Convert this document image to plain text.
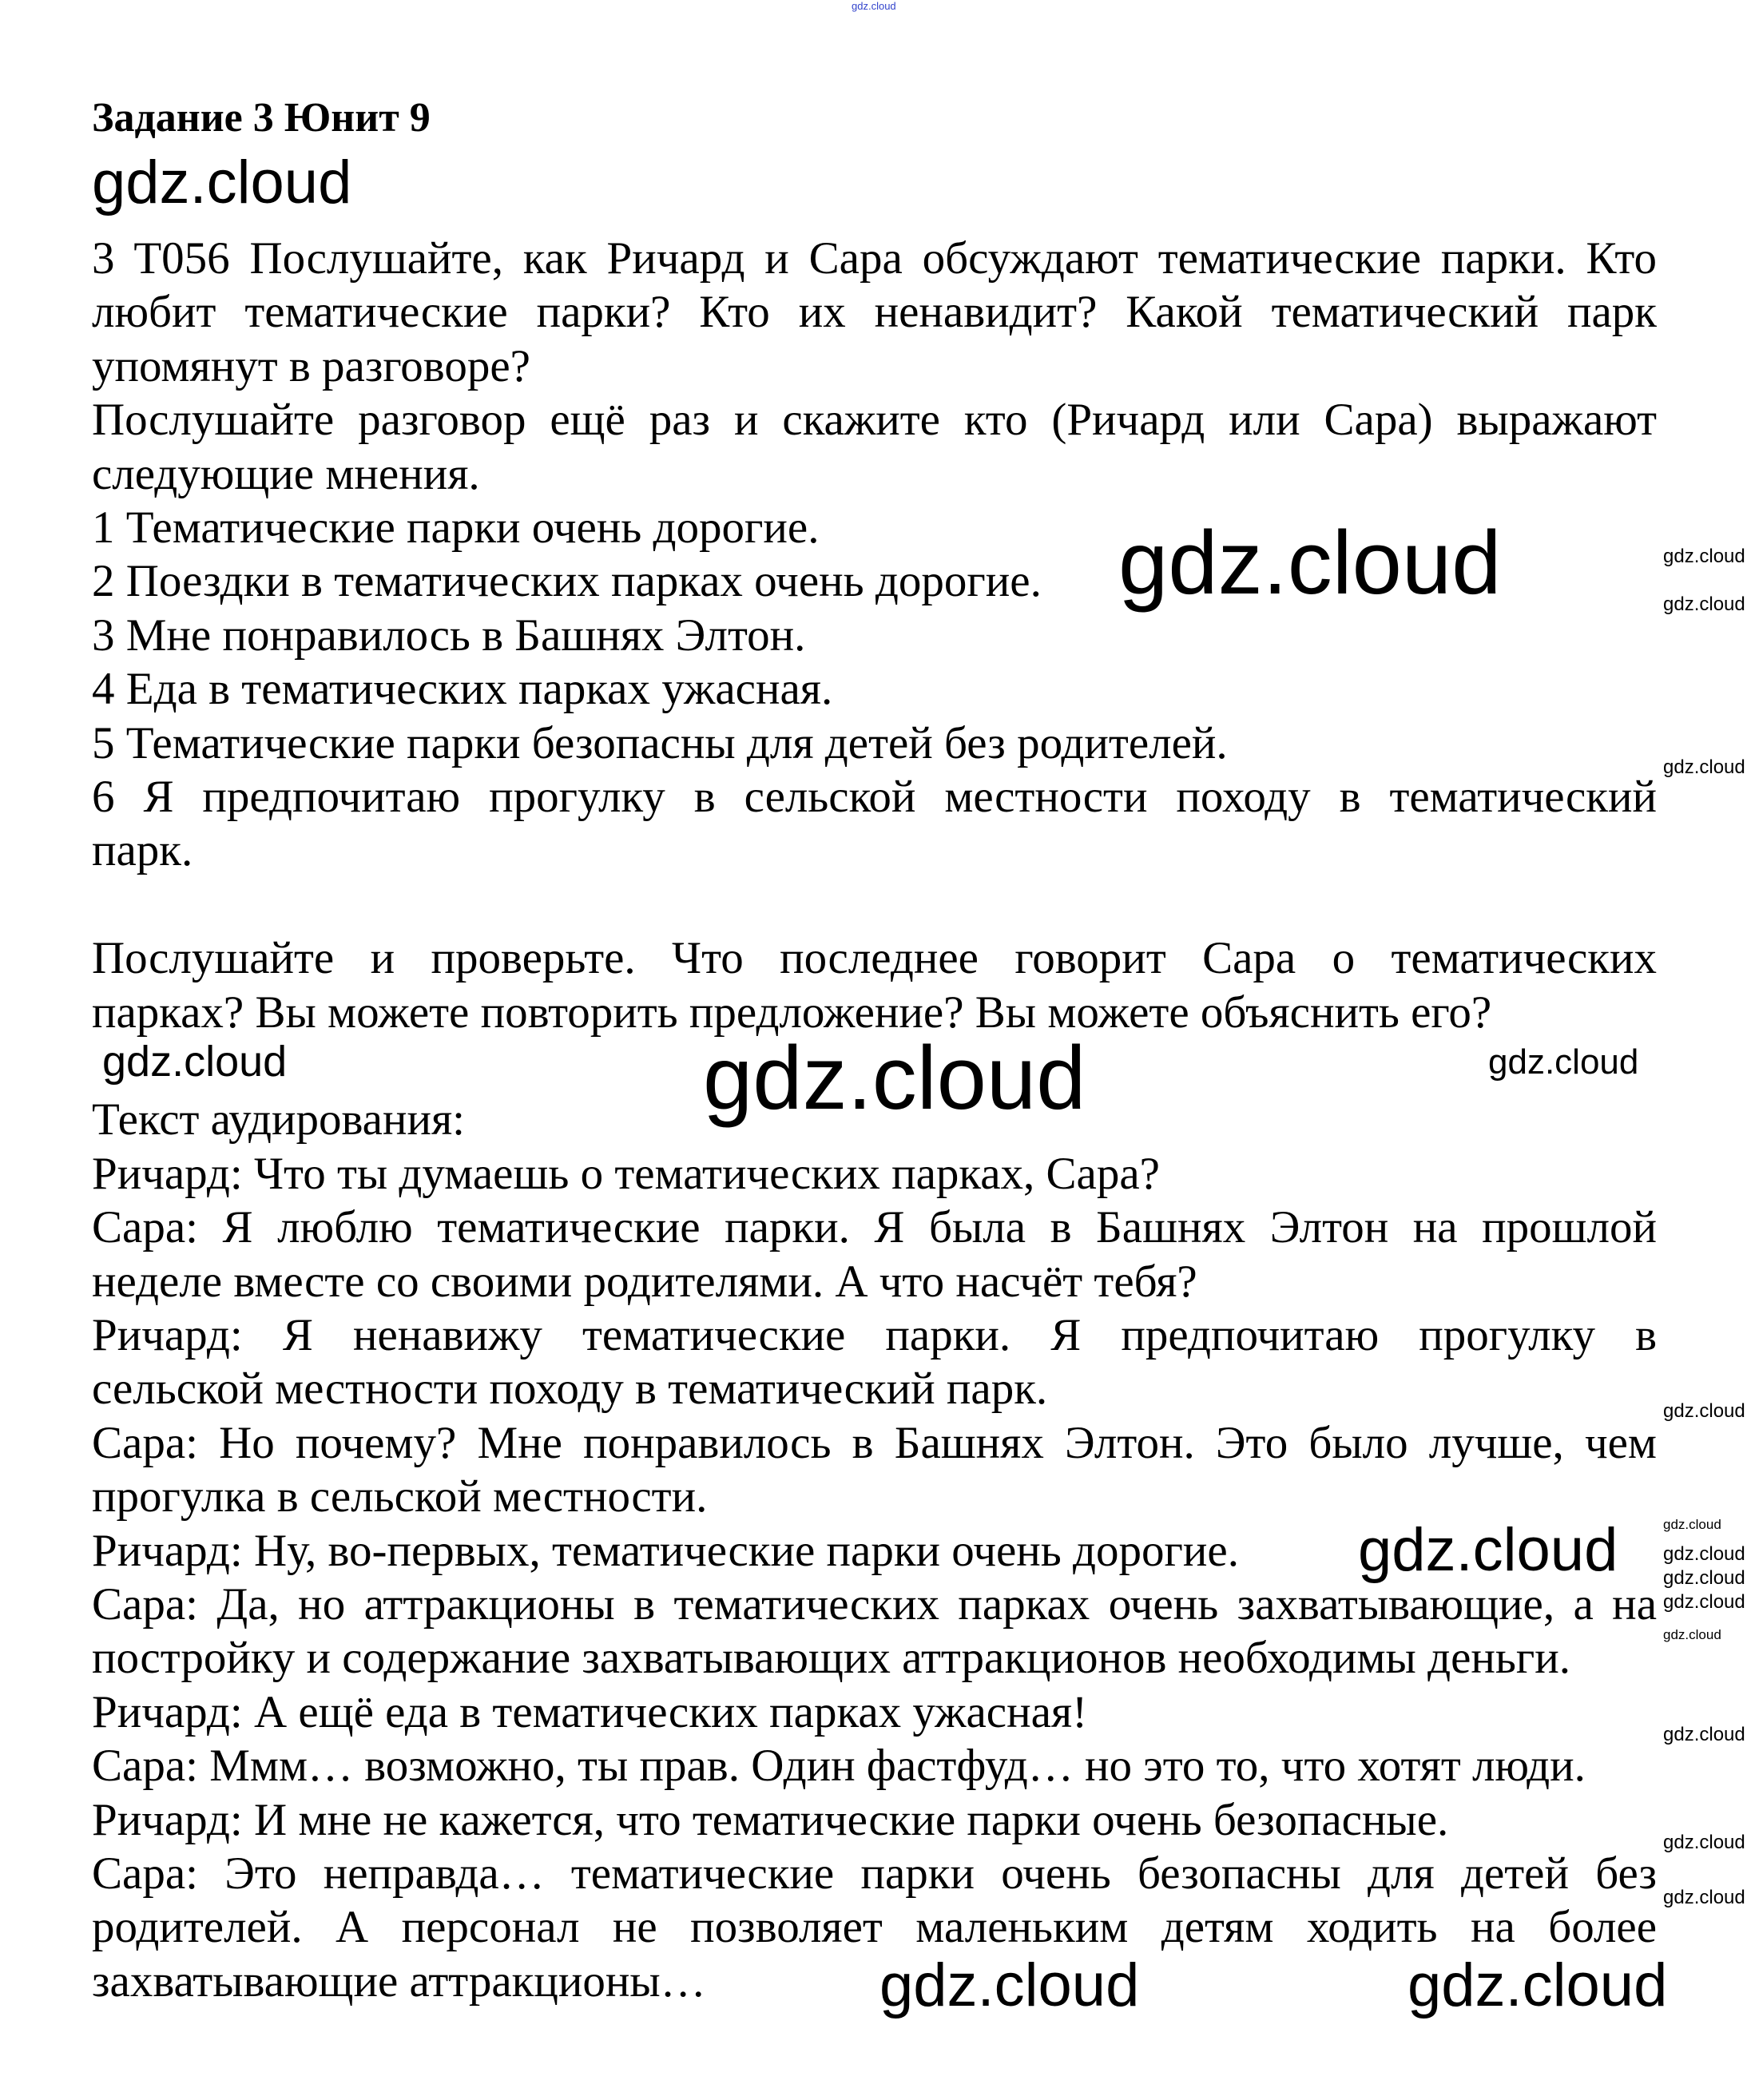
gdz.cloud
Задание 3 Юнит 9
3 T056 Послушайте, как Ричард и Сара обсуждают тематические парки. Кто
любит тематические парки? Кто их ненавидит? Какой тематический парк
упомянут в разговоре?
Послушайте разговор ещё раз и скажите кто (Ричард или Сара) выражают
следующие мнения.
1 Тематические парки очень дорогие.
2 Поездки в тематических парках очень дорогие.
3 Мне понравилось в Башнях Элтон.
4 Еда в тематических парках ужасная.
5 Тематические парки безопасны для детей без родителей.
6 Я предпочитаю прогулку в сельской местности походу в тематический
парк.
Послушайте и проверьте. Что последнее говорит Сара о тематических
парках? Вы можете повторить предложение? Вы можете объяснить его?
Текст аудирования:
Ричард: Что ты думаешь о тематических парках, Сара?
Сара: Я люблю тематические парки. Я была в Башнях Элтон на прошлой
неделе вместе со своими родителями. А что насчёт тебя?
Ричард: Я ненавижу тематические парки. Я предпочитаю прогулку в
сельской местности походу в тематический парк.
Сара: Но почему? Мне понравилось в Башнях Элтон. Это было лучше, чем
прогулка в сельской местности.
Ричард: Ну, во-первых, тематические парки очень дорогие.
Сара: Да, но аттракционы в тематических парках очень захватывающие, а на
постройку и содержание захватывающих аттракционов необходимы деньги.
Ричард: А ещё еда в тематических парках ужасная!
Сара: Ммм… возможно, ты прав. Один фастфуд… но это то, что хотят люди.
Ричард: И мне не кажется, что тематические парки очень безопасные.
Сара: Это неправда… тематические парки очень безопасны для детей без
родителей. А персонал не позволяет маленьким детям ходить на более
захватывающие аттракционы…
gdz.cloud
gdz.cloud
gdz.cloud
gdz.cloud
gdz.cloud
gdz.cloud	gdz.cloud
gdz.cloud
gdz.cloud
gdz.cloud
gdz.cloud
gdz.cloud
gdz.cloud
gdz.cloud
gdz.cloud
gdz.cloud
gdz.cloud
gdz.cloud
gdz.cloud	gdz.cloud
